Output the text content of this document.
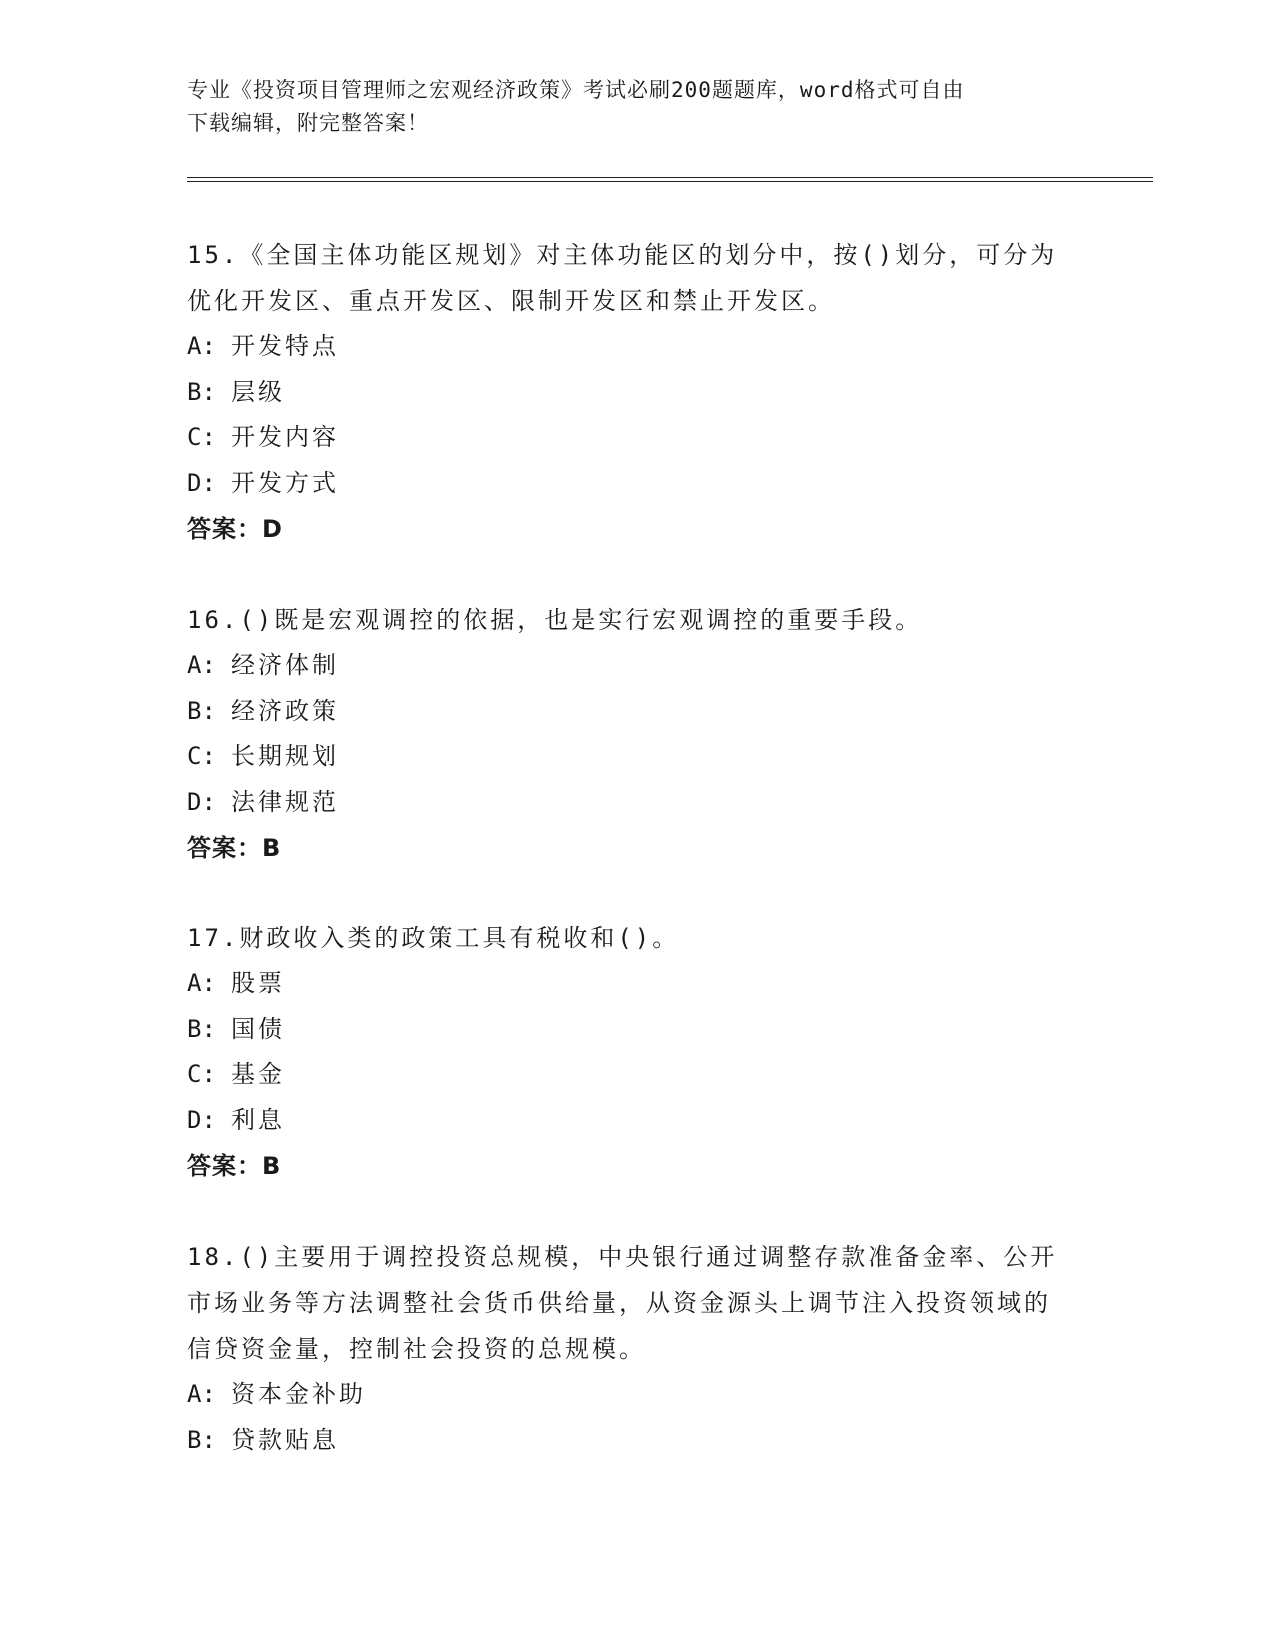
专业《投资项目管理师之宏观经济政策》考试必刷200题题库，word格式可自由
下载编辑，附完整答案！

15.《全国主体功能区规划》对主体功能区的划分中，按()划分，可分为优化开发区、重点开发区、限制开发区和禁止开发区。

A: 开发特点

B: 层级

C: 开发内容

D: 开发方式

答案：D

16.()既是宏观调控的依据，也是实行宏观调控的重要手段。

A: 经济体制

B: 经济政策

C: 长期规划

D: 法律规范

答案：B

17.财政收入类的政策工具有税收和()。

A: 股票

B: 国债

C: 基金

D: 利息

答案：B

18.()主要用于调控投资总规模，中央银行通过调整存款准备金率、公开市场业务等方法调整社会货币供给量，从资金源头上调节注入投资领域的信贷资金量，控制社会投资的总规模。

A: 资本金补助

B: 贷款贴息
